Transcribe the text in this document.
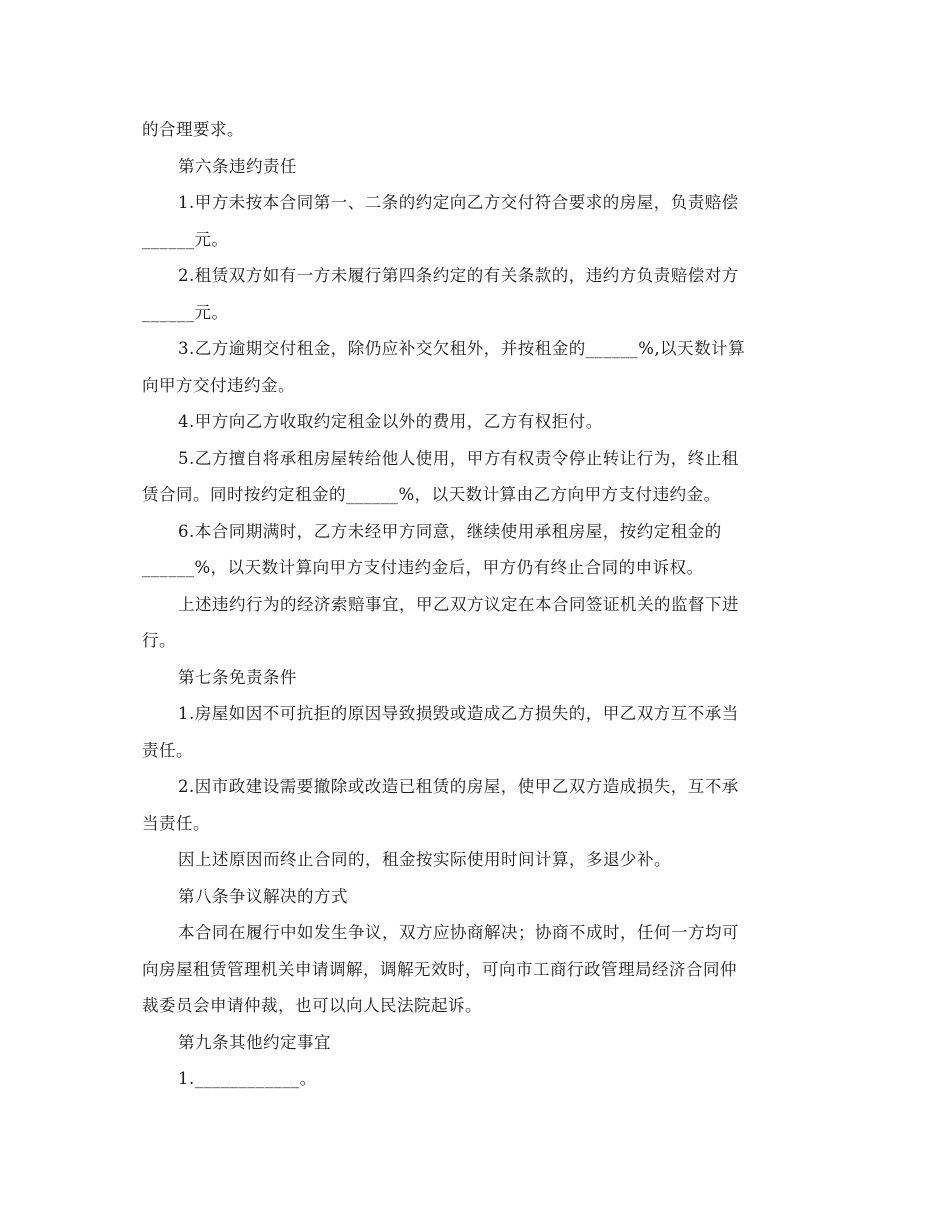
的合理要求。
第六条违约责任
1.甲方未按本合同第一、二条的约定向乙方交付符合要求的房屋，负责赔偿
______元。
2.租赁双方如有一方未履行第四条约定的有关条款的，违约方负责赔偿对方
______元。
3.乙方逾期交付租金，除仍应补交欠租外，并按租金的______%,以天数计算
向甲方交付违约金。
4.甲方向乙方收取约定租金以外的费用，乙方有权拒付。
5.乙方擅自将承租房屋转给他人使用，甲方有权责令停止转让行为，终止租
赁合同。同时按约定租金的______%，以天数计算由乙方向甲方支付违约金。
6.本合同期满时，乙方未经甲方同意，继续使用承租房屋，按约定租金的
______%，以天数计算向甲方支付违约金后，甲方仍有终止合同的申诉权。
上述违约行为的经济索赔事宜，甲乙双方议定在本合同签证机关的监督下进
行。
第七条免责条件
1.房屋如因不可抗拒的原因导致损毁或造成乙方损失的，甲乙双方互不承当
责任。
2.因市政建设需要撤除或改造已租赁的房屋，使甲乙双方造成损失，互不承
当责任。
因上述原因而终止合同的，租金按实际使用时间计算，多退少补。
第八条争议解决的方式
本合同在履行中如发生争议，双方应协商解决；协商不成时，任何一方均可
向房屋租赁管理机关申请调解，调解无效时，可向市工商行政管理局经济合同仲
裁委员会申请仲裁，也可以向人民法院起诉。
第九条其他约定事宜
1.____________。
